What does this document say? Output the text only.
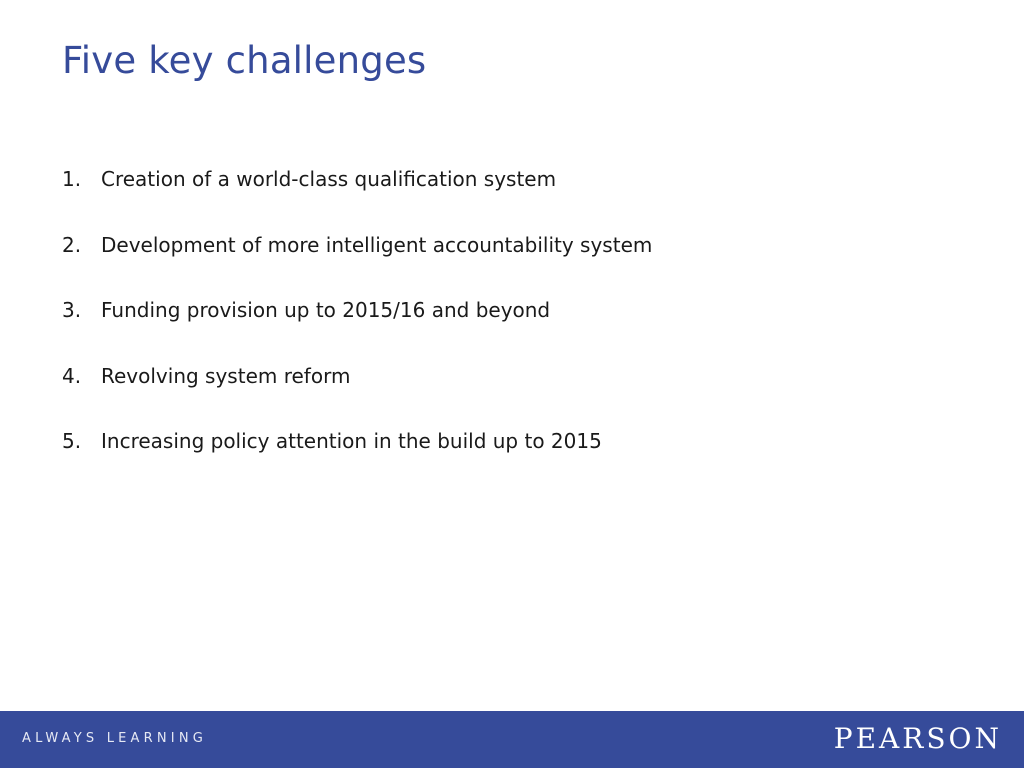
Five key challenges
1. Creation of a world-class qualification system
2. Development of more intelligent accountability system
3. Funding provision up to 2015/16 and beyond
4. Revolving system reform
5. Increasing policy attention in the build up to 2015
ALWAYS LEARNING	PEARSON
